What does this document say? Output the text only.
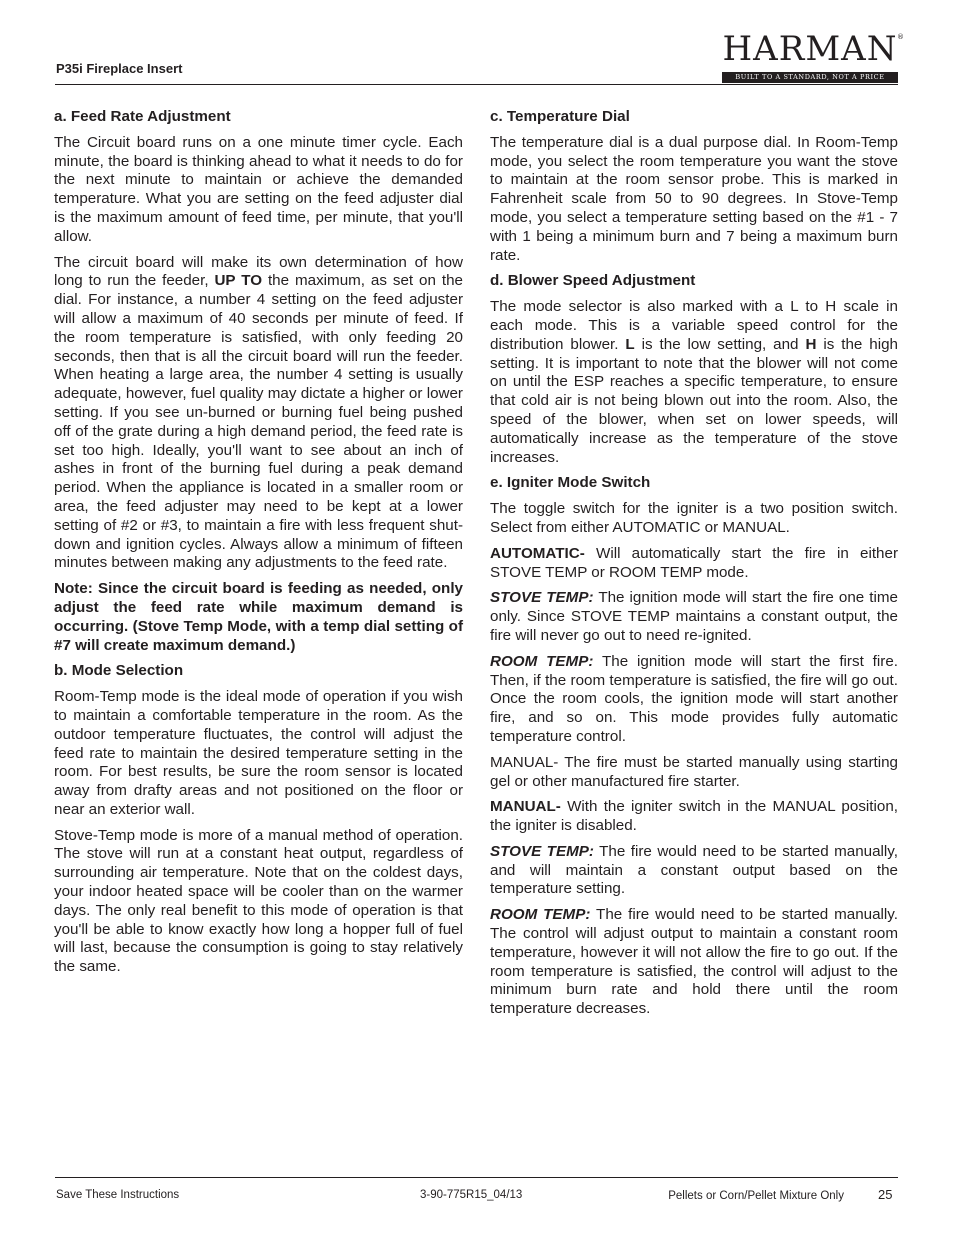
P35i Fireplace Insert	HARMAN ®
BUILT TO A STANDARD, NOT A PRICE
a. Feed Rate Adjustment

The Circuit board runs on a one minute timer cycle. Each minute, the board is thinking ahead to what it needs to do for the next minute to maintain or achieve the demanded temperature. What you are setting on the feed adjuster dial is the maximum amount of feed time, per minute, that you'll allow.

The circuit board will make its own determination of how long to run the feeder, UP TO the maximum, as set on the dial. For instance, a number 4 setting on the feed adjuster will allow a maximum of 40 seconds per minute of feed. If the room temperature is satisfied, with only feeding 20 seconds, then that is all the circuit board will run the feeder. When heating a large area, the number 4 setting is usually adequate, however, fuel quality may dictate a higher or lower setting. If you see un-burned or burning fuel being pushed off of the grate during a high demand period, the feed rate is set too high. Ideally, you'll want to see about an inch of ashes in front of the burning fuel during a peak demand period. When the appliance is located in a smaller room or area, the feed adjuster may need to be kept at a lower setting of #2 or #3, to maintain a fire with less frequent shut-down and ignition cycles. Always allow a minimum of fifteen minutes between making any adjustments to the feed rate.

Note: Since the circuit board is feeding as needed, only adjust the feed rate while maximum demand is occurring. (Stove Temp Mode, with a temp dial setting of #7 will create maximum demand.)

b. Mode Selection

Room-Temp mode is the ideal mode of operation if you wish to maintain a comfortable temperature in the room. As the outdoor temperature fluctuates, the control will adjust the feed rate to maintain the desired temperature setting in the room. For best results, be sure the room sensor is located away from drafty areas and not positioned on the floor or near an exterior wall.

Stove-Temp mode is more of a manual method of operation. The stove will run at a constant heat output, regardless of surrounding air temperature. Note that on the coldest days, your indoor heated space will be cooler than on the warmer days. The only real benefit to this mode of operation is that you'll be able to know exactly how long a hopper full of fuel will last, because the consumption is going to stay relatively the same.

c. Temperature Dial

The temperature dial is a dual purpose dial. In Room-Temp mode, you select the room temperature you want the stove to maintain at the room sensor probe. This is marked in Fahrenheit scale from 50 to 90 degrees. In Stove-Temp mode, you select a temperature setting based on the #1 - 7 with 1 being a minimum burn and 7 being a maximum burn rate.

d. Blower Speed Adjustment

The mode selector is also marked with a L to H scale in each mode. This is a variable speed control for the distribution blower. L is the low setting, and H is the high setting. It is important to note that the blower will not come on until the ESP reaches a specific temperature, to ensure that cold air is not being blown out into the room. Also, the speed of the blower, when set on lower speeds, will automatically increase as the temperature of the stove increases.

e. Igniter Mode Switch

The toggle switch for the igniter is a two position switch. Select from either AUTOMATIC or MANUAL.

AUTOMATIC- Will automatically start the fire in either STOVE TEMP or ROOM TEMP mode.

STOVE TEMP: The ignition mode will start the fire one time only. Since STOVE TEMP maintains a constant output, the fire will never go out to need re-ignited.

ROOM TEMP: The ignition mode will start the first fire. Then, if the room temperature is satisfied, the fire will go out. Once the room cools, the ignition mode will start another fire, and so on. This mode provides fully automatic temperature control.

MANUAL- The fire must be started manually using starting gel or other manufactured fire starter.

MANUAL- With the igniter switch in the MANUAL position, the igniter is disabled.

STOVE TEMP: The fire would need to be started manually, and will maintain a constant output based on the temperature setting.

ROOM TEMP: The fire would need to be started manually. The control will adjust output to maintain a constant room temperature, however it will not allow the fire to go out. If the room temperature is satisfied, the control will adjust to the minimum burn rate and hold there until the room temperature decreases.

Save These Instructions	3-90-775R15_04/13	Pellets or Corn/Pellet Mixture Only	25
